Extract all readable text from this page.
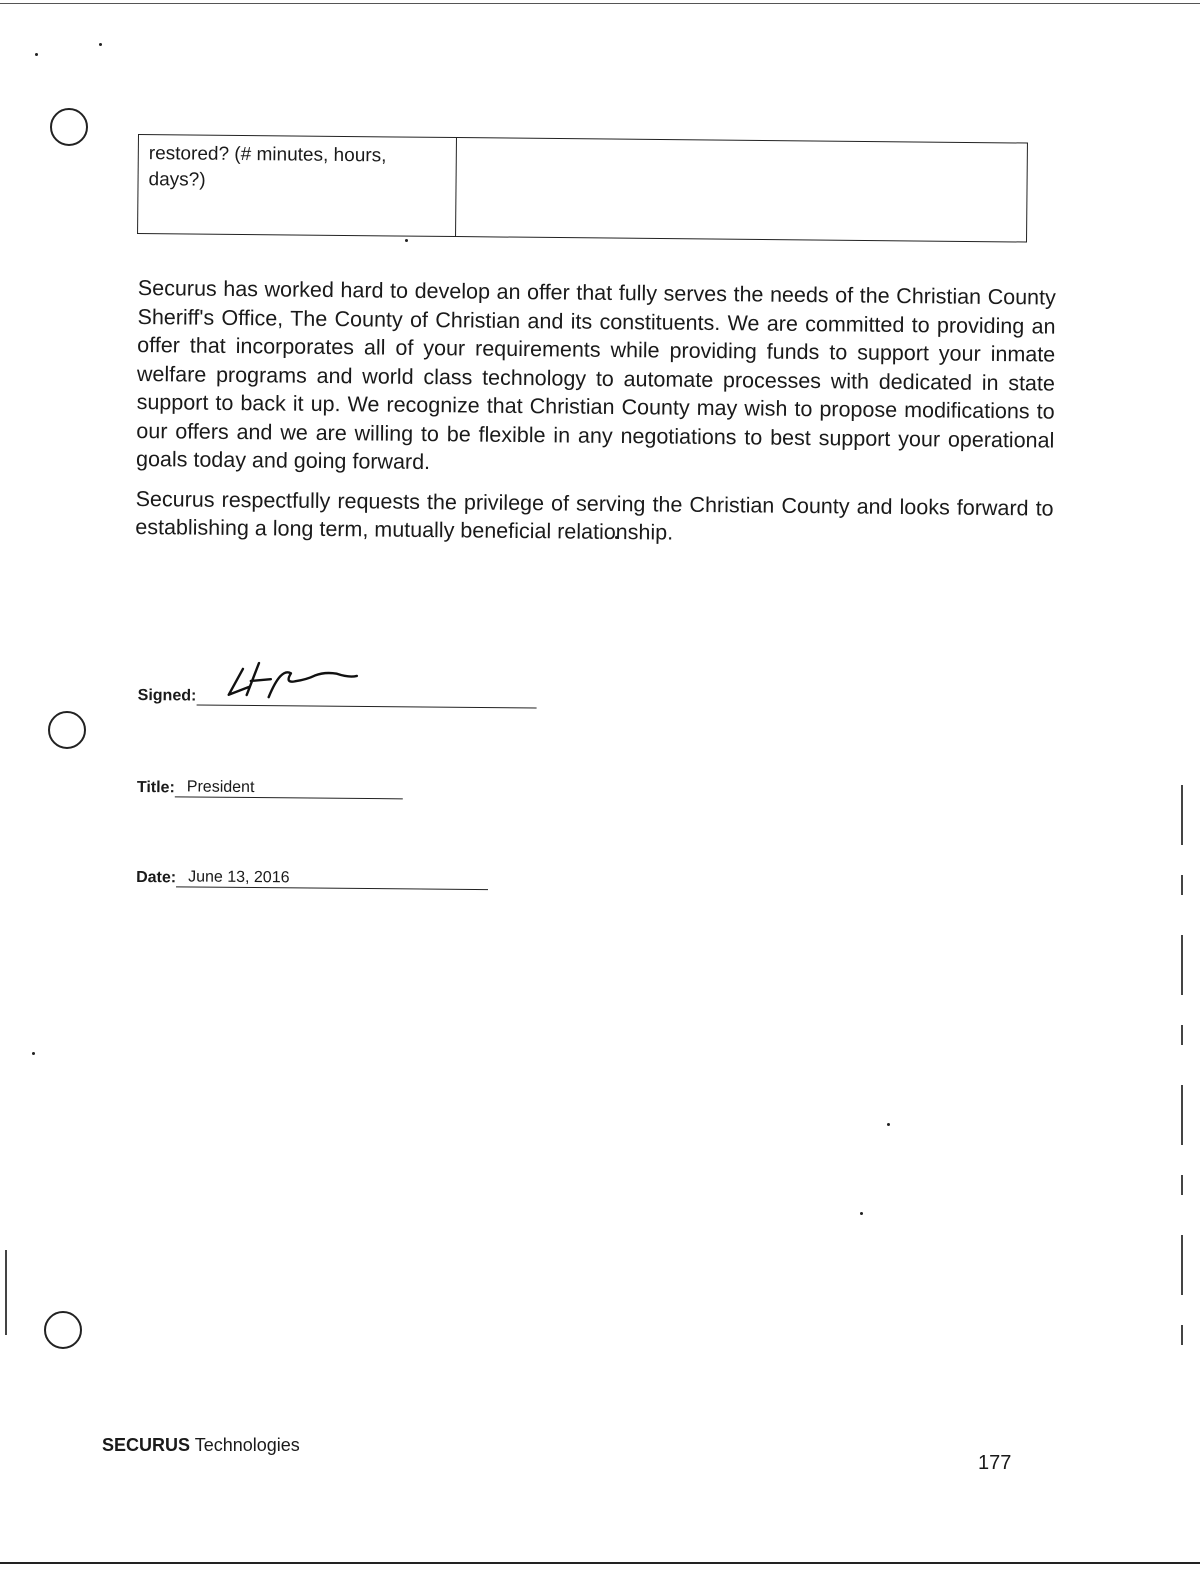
restored? (# minutes, hours, days?)	

Securus has worked hard to develop an offer that fully serves the needs of the Christian County Sheriff's Office, The County of Christian and its constituents. We are committed to providing an offer that incorporates all of your requirements while providing funds to support your inmate welfare programs and world class technology to automate processes with dedicated in state support to back it up. We recognize that Christian County may wish to propose modifications to our offers and we are willing to be flexible in any negotiations to best support your operational goals today and going forward.

Securus respectfully requests the privilege of serving the Christian County and looks forward to establishing a long term, mutually beneficial relationship.

Signed:
Title: President
Date: June 13, 2016
SECURUS Technologies
177
